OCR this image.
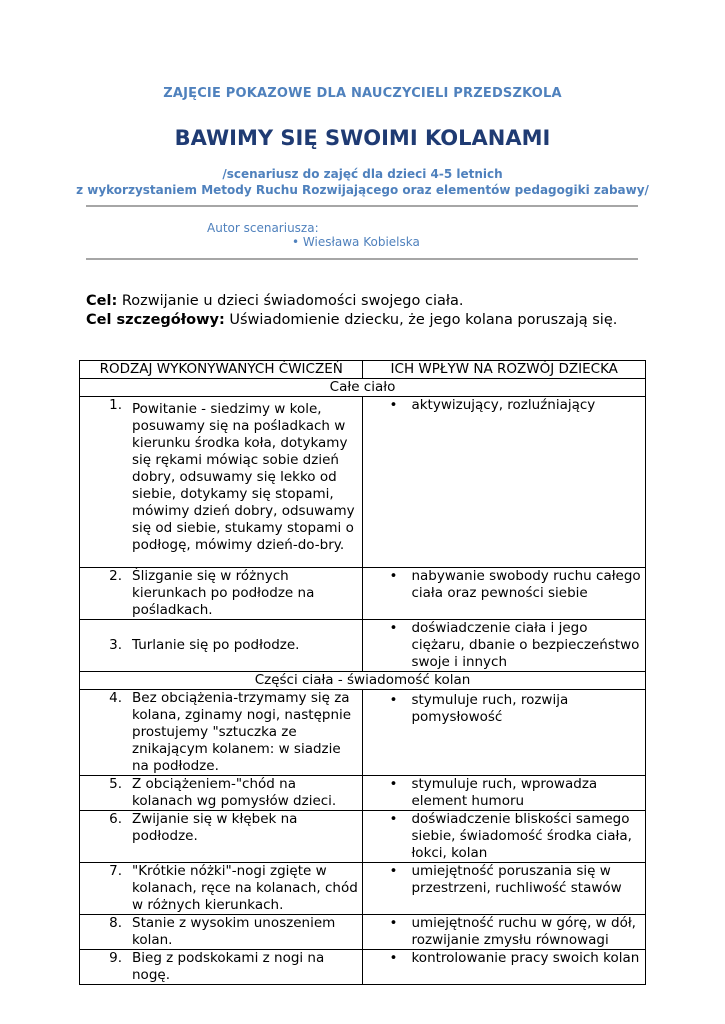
ZAJĘCIE POKAZOWE DLA NAUCZYCIELI PRZEDSZKOLA
BAWIMY SIĘ SWOIMI KOLANAMI
/scenariusz do zajęć dla dzieci 4-5 letnich
z wykorzystaniem Metody Ruchu Rozwijającego oraz elementów pedagogiki zabawy/
Autor scenariusza:
• Wiesława Kobielska
Cel: Rozwijanie u dzieci świadomości swojego ciała.
Cel szczegółowy: Uświadomienie dziecku, że jego kolana poruszają się.
RODZAJ WYKONYWANYCH ĆWICZEŃ	ICH WPŁYW NA ROZWÓJ DZIECKA
Całe ciało	

1. Powitanie - siedzimy w kole, posuwamy się na pośladkach w kierunku środka koła, dotykamy się rękami mówiąc sobie dzień dobry, odsuwamy się lekko od siebie, dotykamy się stopami, mówimy dzień dobry, odsuwamy się od siebie, stukamy stopami o podłogę, mówimy dzień-do-bry.	• aktywizujący, rozluźniający

2. Ślizganie się w różnych kierunkach po podłodze na pośladkach.	• nabywanie swobody ruchu całego ciała oraz pewności siebie

3. Turlanie się po podłodze.	• doświadczenie ciała i jego ciężaru, dbanie o bezpieczeństwo swoje i innych

Części ciała - świadomość kolan	

4. Bez obciążenia-trzymamy się za kolana, zginamy nogi, następnie prostujemy "sztuczka ze znikającym kolanem: w siadzie na podłodze.	• stymuluje ruch, rozwija pomysłowość

5. Z obciążeniem-"chód na kolanach wg pomysłów dzieci.	• stymuluje ruch, wprowadza element humoru

6. Zwijanie się w kłębek na podłodze.	• doświadczenie bliskości samego siebie, świadomość środka ciała, łokci, kolan

7. "Krótkie nóżki"-nogi zgięte w kolanach, ręce na kolanach, chód w różnych kierunkach.	• umiejętność poruszania się w przestrzeni, ruchliwość stawów

8. Stanie z wysokim unoszeniem kolan.	• umiejętność ruchu w górę, w dół, rozwijanie zmysłu równowagi

9. Bieg z podskokami z nogi na nogę.	• kontrolowanie pracy swoich kolan
